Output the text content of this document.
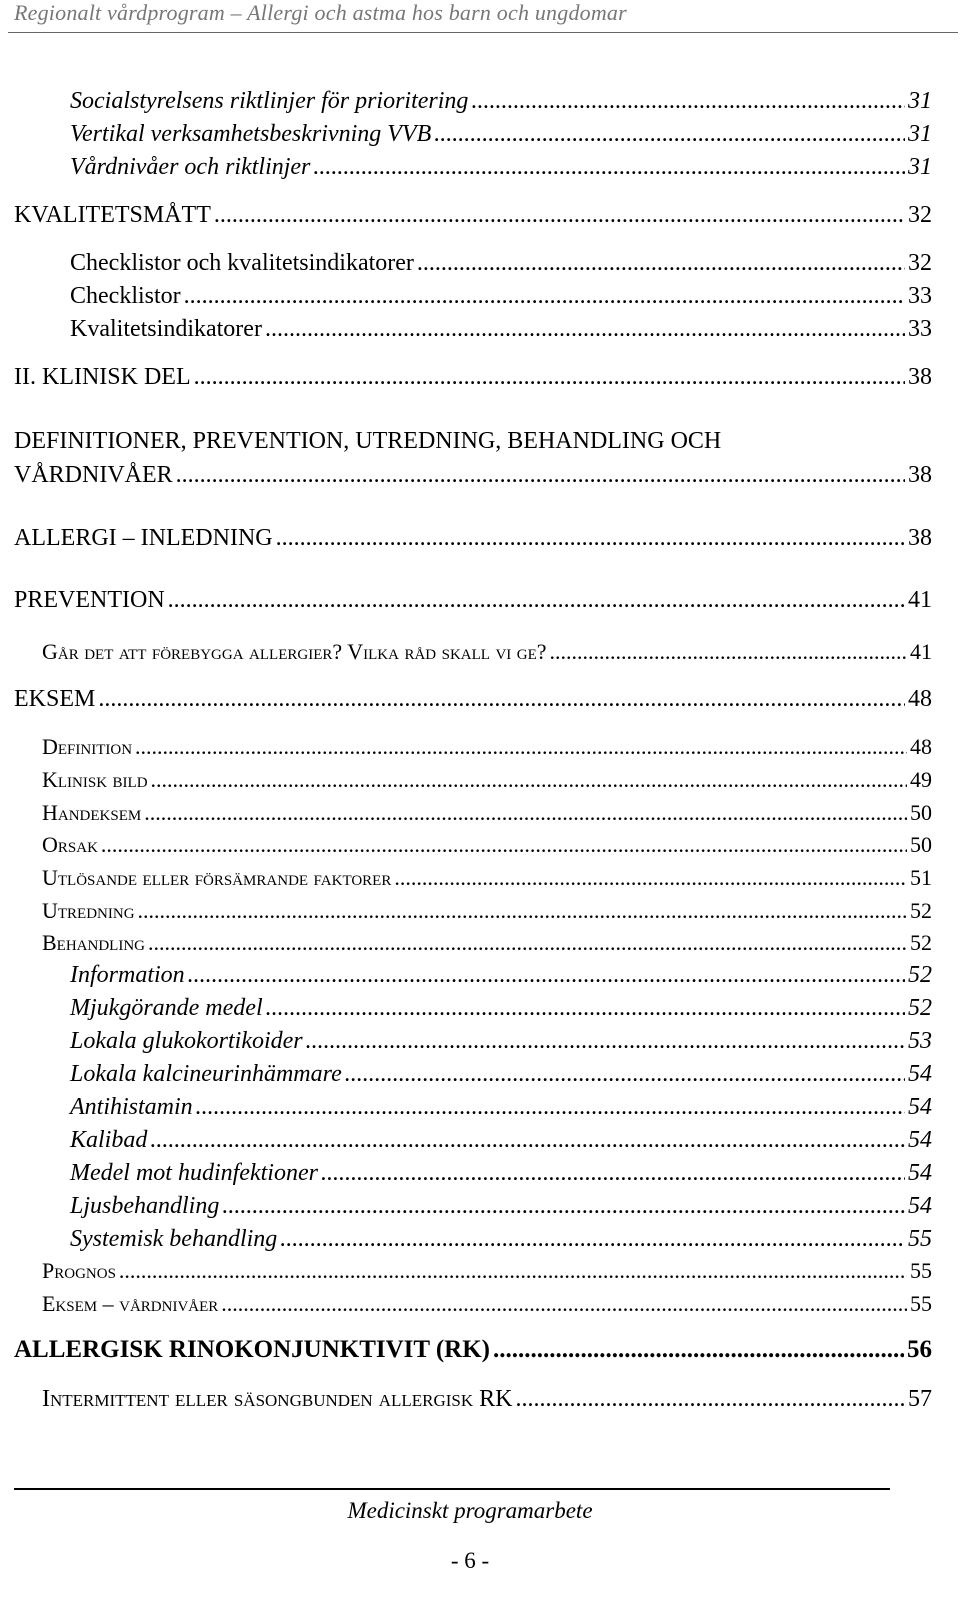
Regionalt vårdprogram – Allergi och astma hos barn och ungdomar
Socialstyrelsens riktlinjer för prioritering .....	31
Vertikal verksamhetsbeskrivning VVB .....	31
Vårdnivåer och riktlinjer .....	31
KVALITETSMÅTT .....	32
Checklistor och kvalitetsindikatorer .....	32
Checklistor .....	33
Kvalitetsindikatorer .....	33
II. KLINISK DEL .....	38
DEFINITIONER, PREVENTION, UTREDNING, BEHANDLING OCH
VÅRDNIVÅER .....	38
ALLERGI – INLEDNING .....	38
PREVENTION .....	41
Går det att förebygga allergier? Vilka råd skall vi ge? .....	41
EKSEM .....	48
Definition .....	48
Klinisk bild .....	49
Handeksem .....	50
Orsak .....	50
Utlösande eller försämrande faktorer .....	51
Utredning .....	52
Behandling .....	52
Information .....	52
Mjukgörande medel .....	52
Lokala glukokortikoider .....	53
Lokala kalcineurinhämmare .....	54
Antihistamin .....	54
Kalibad .....	54
Medel mot hudinfektioner .....	54
Ljusbehandling .....	54
Systemisk behandling .....	55
Prognos .....	55
Eksem – vårdnivåer .....	55
ALLERGISK RINOKONJUNKTIVIT (RK) .....	56
Intermittent eller säsongbunden allergisk RK .....	57
Medicinskt programarbete
- 6 -
